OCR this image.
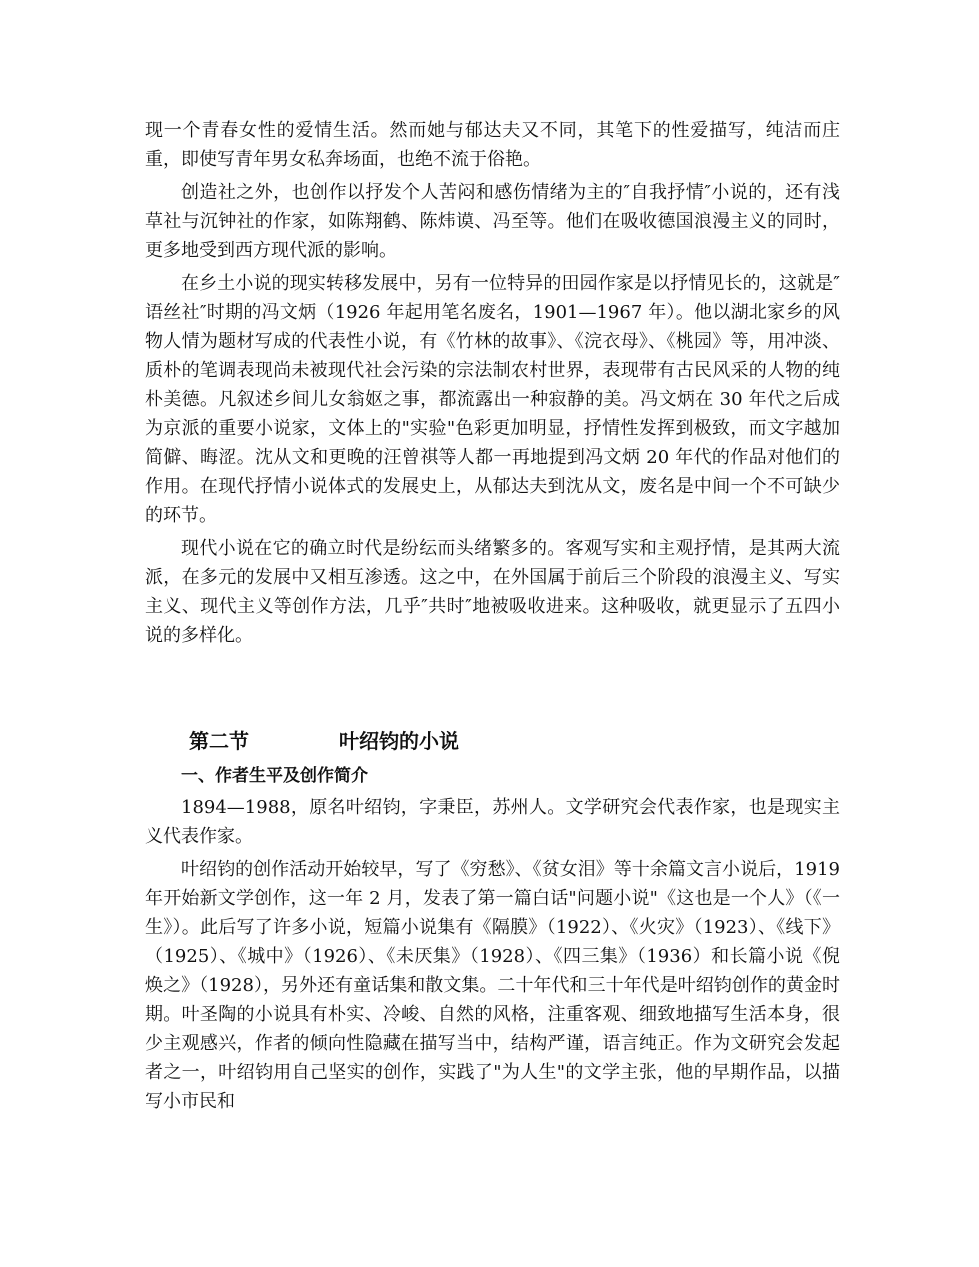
现一个青春女性的爱情生活。然而她与郁达夫又不同，其笔下的性爱描写，纯洁而庄重，即使写青年男女私奔场面，也绝不流于俗艳。

创造社之外，也创作以抒发个人苦闷和感伤情绪为主的″自我抒情″小说的，还有浅草社与沉钟社的作家，如陈翔鹤、陈炜谟、冯至等。他们在吸收德国浪漫主义的同时，更多地受到西方现代派的影响。

在乡土小说的现实转移发展中，另有一位特异的田园作家是以抒情见长的，这就是″语丝社″时期的冯文炳（1926 年起用笔名废名，1901—1967 年）。他以湖北家乡的风物人情为题材写成的代表性小说，有《竹林的故事》、《浣衣母》、《桃园》等，用冲淡、质朴的笔调表现尚未被现代社会污染的宗法制农村世界，表现带有古民风采的人物的纯朴美德。凡叙述乡间儿女翁妪之事，都流露出一种寂静的美。冯文炳在 30 年代之后成为京派的重要小说家，文体上的"实验"色彩更加明显，抒情性发挥到极致，而文字越加简僻、晦涩。沈从文和更晚的汪曾祺等人都一再地提到冯文炳 20 年代的作品对他们的作用。在现代抒情小说体式的发展史上，从郁达夫到沈从文，废名是中间一个不可缺少的环节。

现代小说在它的确立时代是纷纭而头绪繁多的。客观写实和主观抒情，是其两大流派，在多元的发展中又相互渗透。这之中，在外国属于前后三个阶段的浪漫主义、写实主义、现代主义等创作方法，几乎″共时″地被吸收进来。这种吸收，就更显示了五四小说的多样化。

第二节	叶绍钧的小说
一、作者生平及创作简介

1894—1988，原名叶绍钧，字秉臣，苏州人。文学研究会代表作家，也是现实主义代表作家。

叶绍钧的创作活动开始较早，写了《穷愁》、《贫女泪》等十余篇文言小说后，1919 年开始新文学创作，这一年 2 月，发表了第一篇白话"问题小说"《这也是一个人》（《一生》）。此后写了许多小说，短篇小说集有《隔膜》（1922）、《火灾》（1923）、《线下》（1925）、《城中》（1926）、《未厌集》（1928）、《四三集》（1936）和长篇小说《倪焕之》（1928），另外还有童话集和散文集。二十年代和三十年代是叶绍钧创作的黄金时期。叶圣陶的小说具有朴实、冷峻、自然的风格，注重客观、细致地描写生活本身，很少主观感兴，作者的倾向性隐藏在描写当中，结构严谨，语言纯正。作为文研究会发起者之一，叶绍钧用自己坚实的创作，实践了"为人生"的文学主张，他的早期作品，以描写小市民和
